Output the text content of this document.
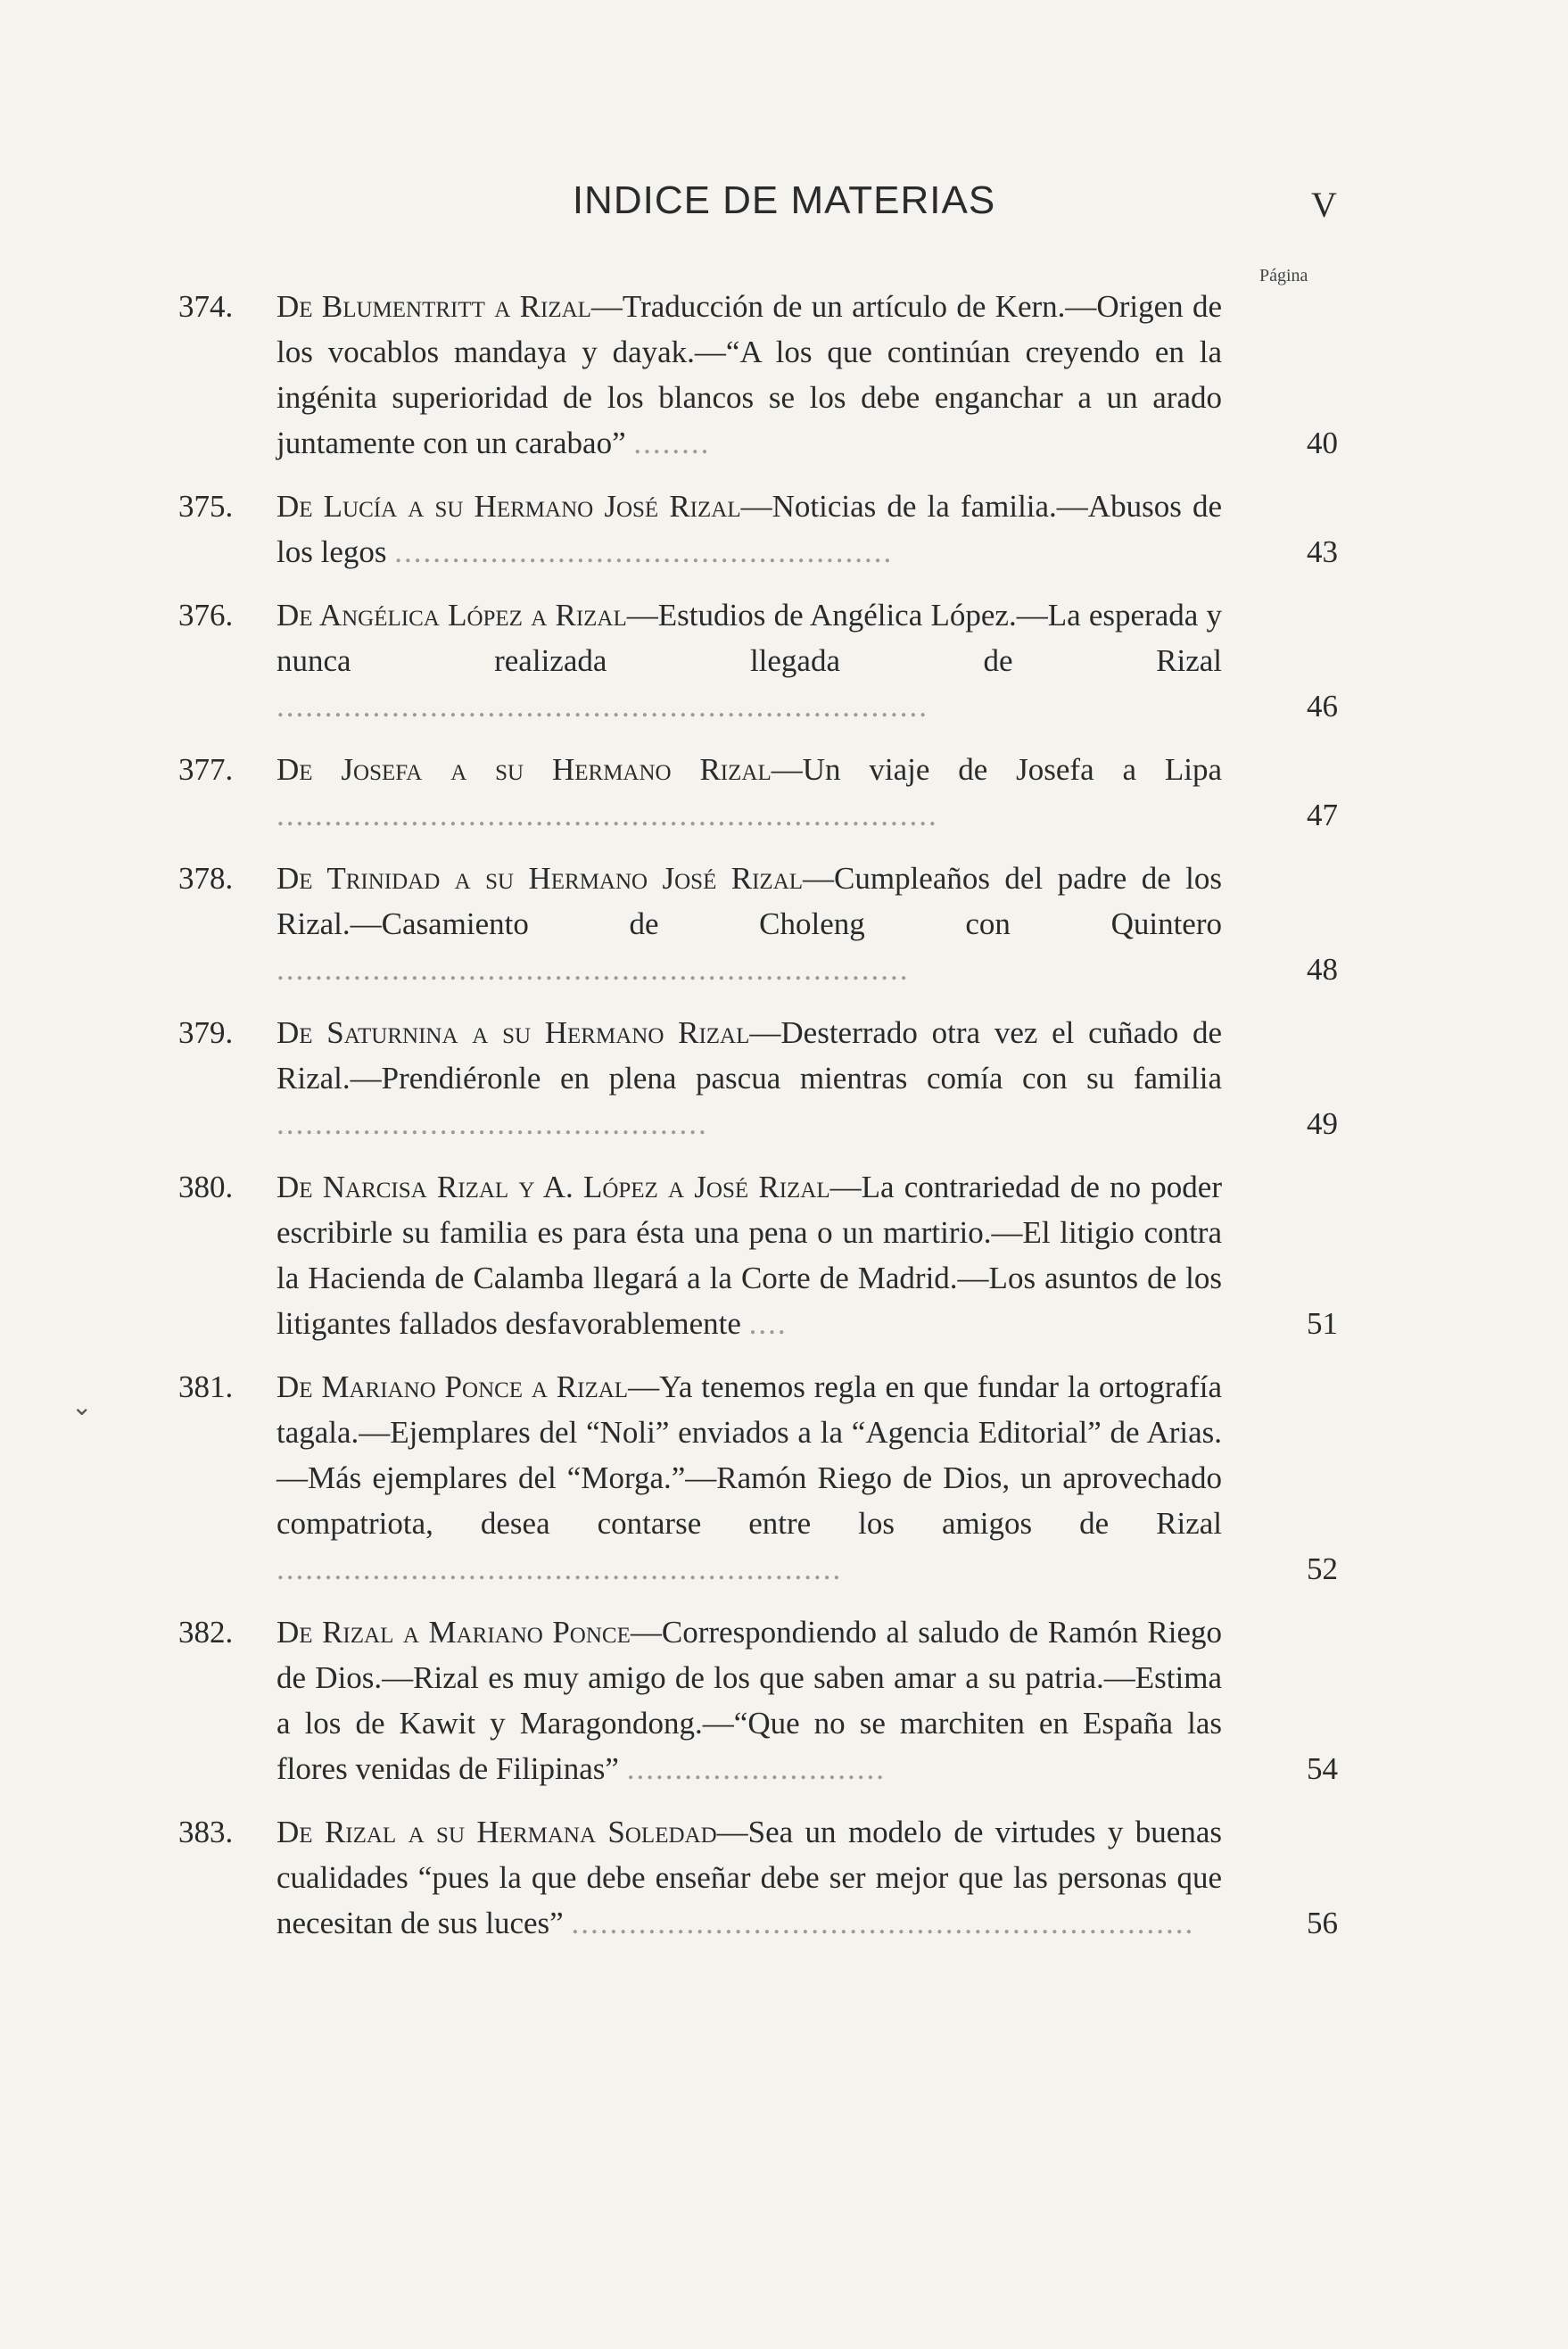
INDICE DE MATERIAS	V
Página
⌄
374.	De Blumentritt a Rizal—Traducción de un artículo de Kern.—Origen de los vocablos mandaya y dayak.—“A los que continúan creyendo en la ingénita superioridad de los blancos se los debe enganchar a un arado juntamente con un carabao” ........	40
375.	De Lucía a su Hermano José Rizal—Noticias de la familia.—Abusos de los legos ....................................................	43
376.	De Angélica López a Rizal—Estudios de Angélica López.—La esperada y nunca realizada llegada de Rizal ....................................................................	46
377.	De Josefa a su Hermano Rizal—Un viaje de Josefa a Lipa .....................................................................	47
378.	De Trinidad a su Hermano José Rizal—Cumpleaños del padre de los Rizal.—Casamiento de Choleng con Quintero ..................................................................	48
379.	De Saturnina a su Hermano Rizal—Desterrado otra vez el cuñado de Rizal.—Prendiéronle en plena pascua mientras comía con su familia .............................................	49
380.	De Narcisa Rizal y A. López a José Rizal—La contrariedad de no poder escribirle su familia es para ésta una pena o un martirio.—El litigio contra la Hacienda de Calamba llegará a la Corte de Madrid.—Los asuntos de los litigantes fallados desfavorablemente ....	51
381.	De Mariano Ponce a Rizal—Ya tenemos regla en que fundar la ortografía tagala.—Ejemplares del “Noli” enviados a la “Agencia Editorial” de Arias.—Más ejemplares del “Morga.”—Ramón Riego de Dios, un aprovechado compatriota, desea contarse entre los amigos de Rizal ...........................................................	52
382.	De Rizal a Mariano Ponce—Correspondiendo al saludo de Ramón Riego de Dios.—Rizal es muy amigo de los que saben amar a su patria.—Estima a los de Kawit y Maragondong.—“Que no se marchiten en España las flores venidas de Filipinas” ...........................	54
383.	De Rizal a su Hermana Soledad—Sea un modelo de virtudes y buenas cualidades “pues la que debe enseñar debe ser mejor que las personas que necesitan de sus luces” .................................................................	56
